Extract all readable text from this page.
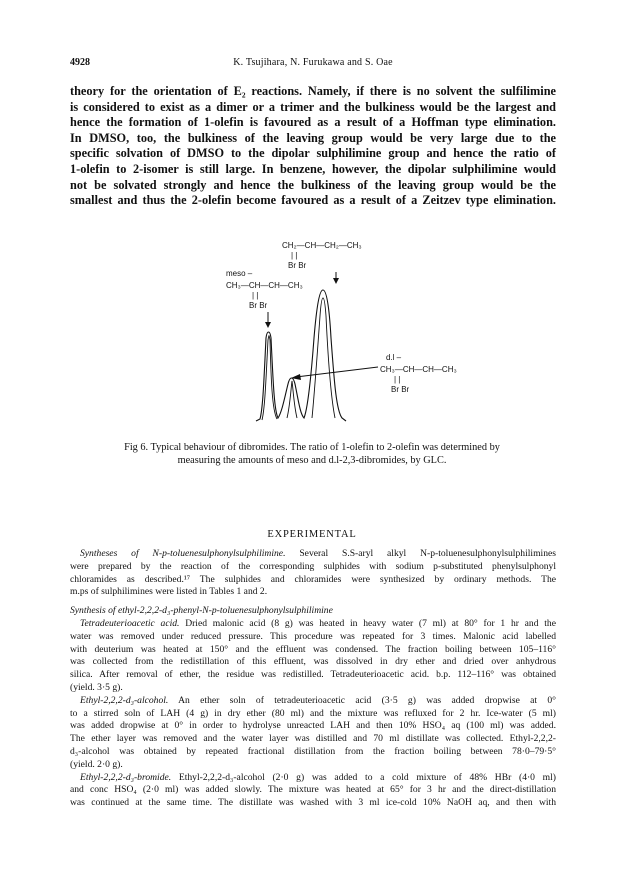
4928	K. Tsujihara, N. Furukawa and S. Oae
theory for the orientation of E₂ reactions. Namely, if there is no solvent the sulfilimine
is considered to exist as a dimer or a trimer and the bulkiness would be the largest and
hence the formation of 1-olefin is favoured as a result of a Hoffman type elimination.
In DMSO, too, the bulkiness of the leaving group would be very large due to the
specific solvation of DMSO to the dipolar sulphilimine group and hence the ratio of
1-olefin to 2-isomer is still large. In benzene, however, the dipolar sulphilimine would
not be solvated strongly and hence the bulkiness of the leaving group would be the
smallest and thus the 2-olefin become favoured as a result of a Zeitzev type elimination.
CH₂—CH—CH₂—CH₃
| |
Br Br
meso –
CH₃—CH—CH—CH₃
| |
Br Br
d.l –
CH₃—CH—CH—CH₃
| |
Br Br
Fig 6. Typical behaviour of dibromides. The ratio of 1-olefin to 2-olefin was determined by
measuring the amounts of meso and d.l-2,3-dibromides, by GLC.
EXPERIMENTAL
Syntheses of N-p-toluenesulphonylsulphilimine. Several S.S-aryl alkyl N-p-toluenesulphonylsulphilimines
were prepared by the reaction of the corresponding sulphides with sodium p-substituted phenylsulphonyl
chloramides as described.¹⁷ The sulphides and chloramides were synthesized by ordinary methods. The
m.ps of sulphilimines were listed in Tables 1 and 2.
Synthesis of ethyl-2,2,2-d₃-phenyl-N-p-toluenesulphonylsulphilimine
Tetradeuterioacetic acid. Dried malonic acid (8 g) was heated in heavy water (7 ml) at 80° for 1 hr and the
water was removed under reduced pressure. This procedure was repeated for 3 times. Malonic acid labelled
with deuterium was heated at 150° and the effluent was condensed. The fraction boiling between 105–116°
was collected from the redistillation of this effluent, was dissolved in dry ether and dried over anhydrous
silica. After removal of ether, the residue was redistilled. Tetradeuterioacetic acid. b.p. 112–116° was obtained
(yield. 3·5 g).
Ethyl-2,2,2-d₃-alcohol. An ether soln of tetradeuterioacetic acid (3·5 g) was added dropwise at 0°
to a stirred soln of LAH (4 g) in dry ether (80 ml) and the mixture was refluxed for 2 hr. Ice-water (5 ml)
was added dropwise at 0° in order to hydrolyse unreacted LAH and then 10% HSO₄ aq (100 ml) was added.
The ether layer was removed and the water layer was distilled and 70 ml distillate was collected. Ethyl-2,2,2-
d₃-alcohol was obtained by repeated fractional distillation from the fraction boiling between 78·0–79·5°
(yield. 2·0 g).
Ethyl-2,2,2-d₃-bromide. Ethyl-2,2,2-d₃-alcohol (2·0 g) was added to a cold mixture of 48% HBr (4·0 ml)
and conc HSO₄ (2·0 ml) was added slowly. The mixture was heated at 65° for 3 hr and the direct-distillation
was continued at the same time. The distillate was washed with 3 ml ice-cold 10% NaOH aq, and then with
